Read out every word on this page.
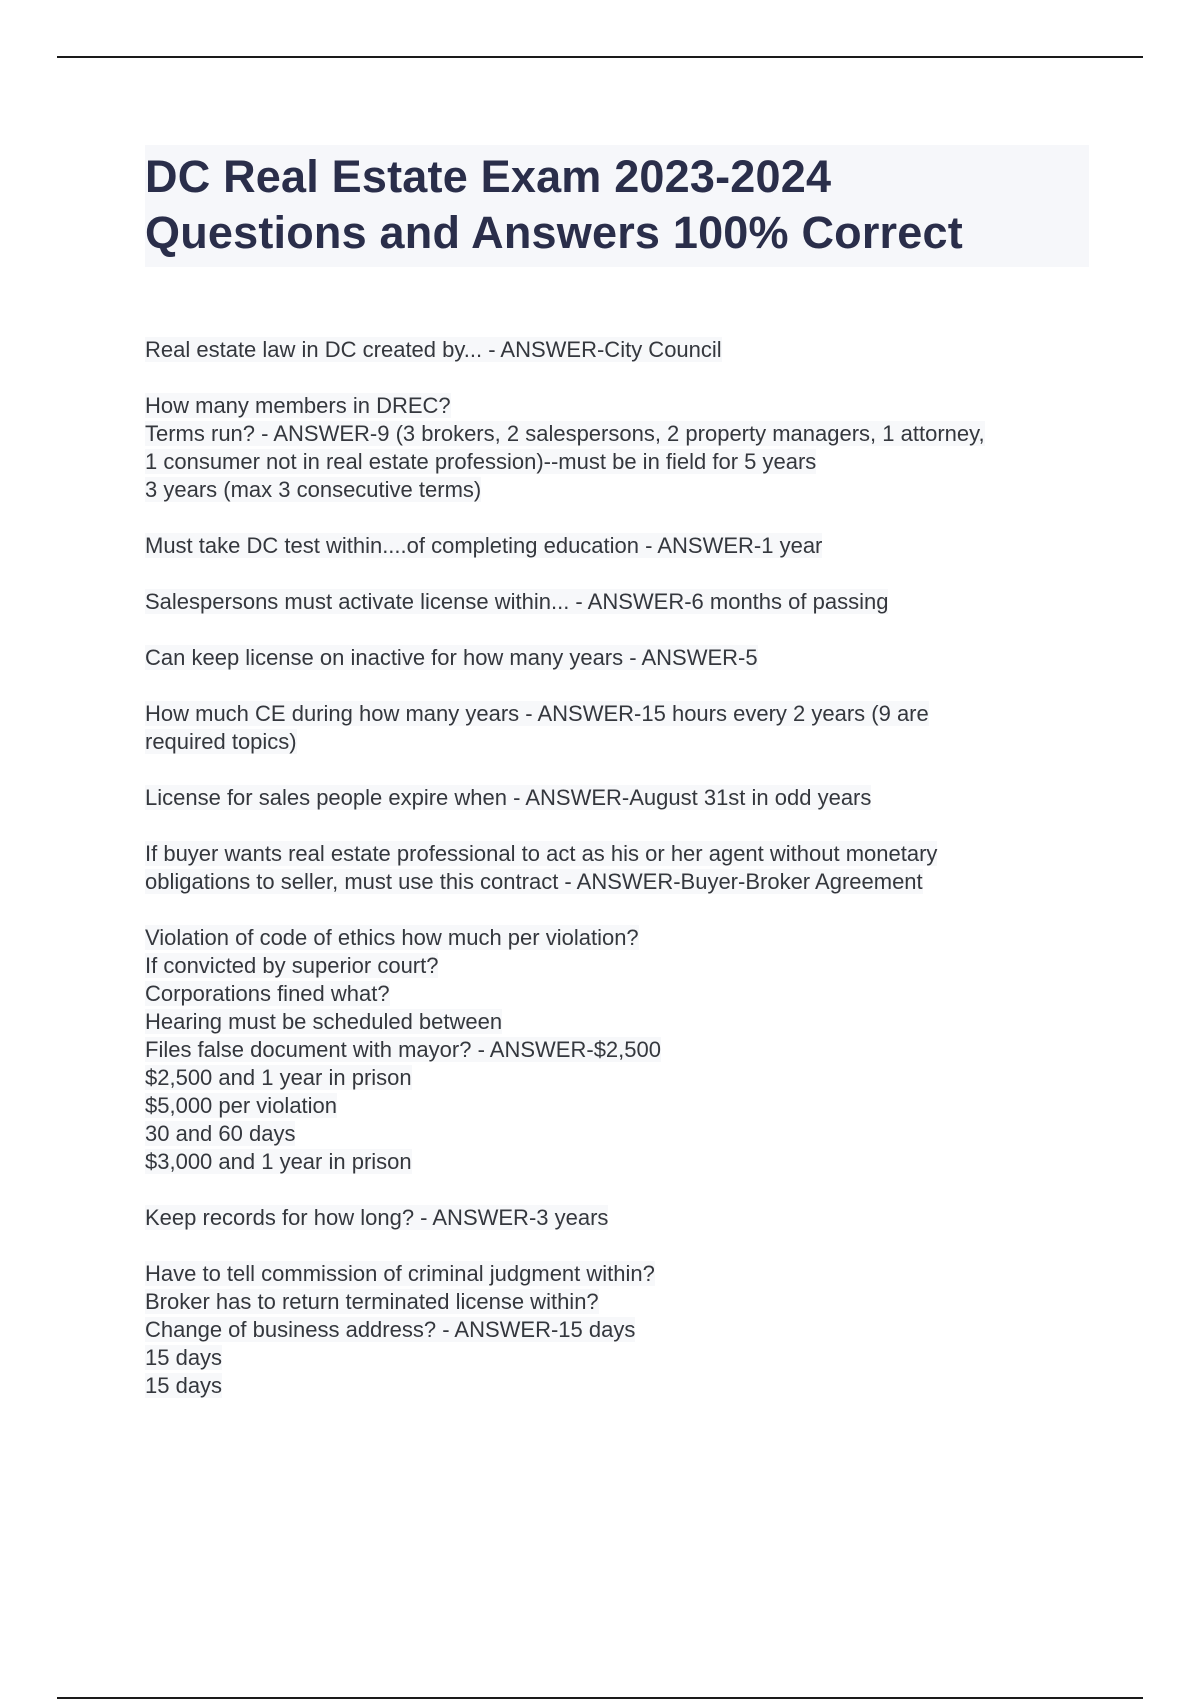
DC Real Estate Exam 2023-2024
Questions and Answers 100% Correct
Real estate law in DC created by... - ANSWER-City Council
How many members in DREC?
Terms run? - ANSWER-9 (3 brokers, 2 salespersons, 2 property managers, 1 attorney,
1 consumer not in real estate profession)--must be in field for 5 years
3 years (max 3 consecutive terms)
Must take DC test within....of completing education - ANSWER-1 year
Salespersons must activate license within... - ANSWER-6 months of passing
Can keep license on inactive for how many years - ANSWER-5
How much CE during how many years - ANSWER-15 hours every 2 years (9 are
required topics)
License for sales people expire when - ANSWER-August 31st in odd years
If buyer wants real estate professional to act as his or her agent without monetary
obligations to seller, must use this contract - ANSWER-Buyer-Broker Agreement
Violation of code of ethics how much per violation?
If convicted by superior court?
Corporations fined what?
Hearing must be scheduled between
Files false document with mayor? - ANSWER-$2,500
$2,500 and 1 year in prison
$5,000 per violation
30 and 60 days
$3,000 and 1 year in prison
Keep records for how long? - ANSWER-3 years
Have to tell commission of criminal judgment within?
Broker has to return terminated license within?
Change of business address? - ANSWER-15 days
15 days
15 days
